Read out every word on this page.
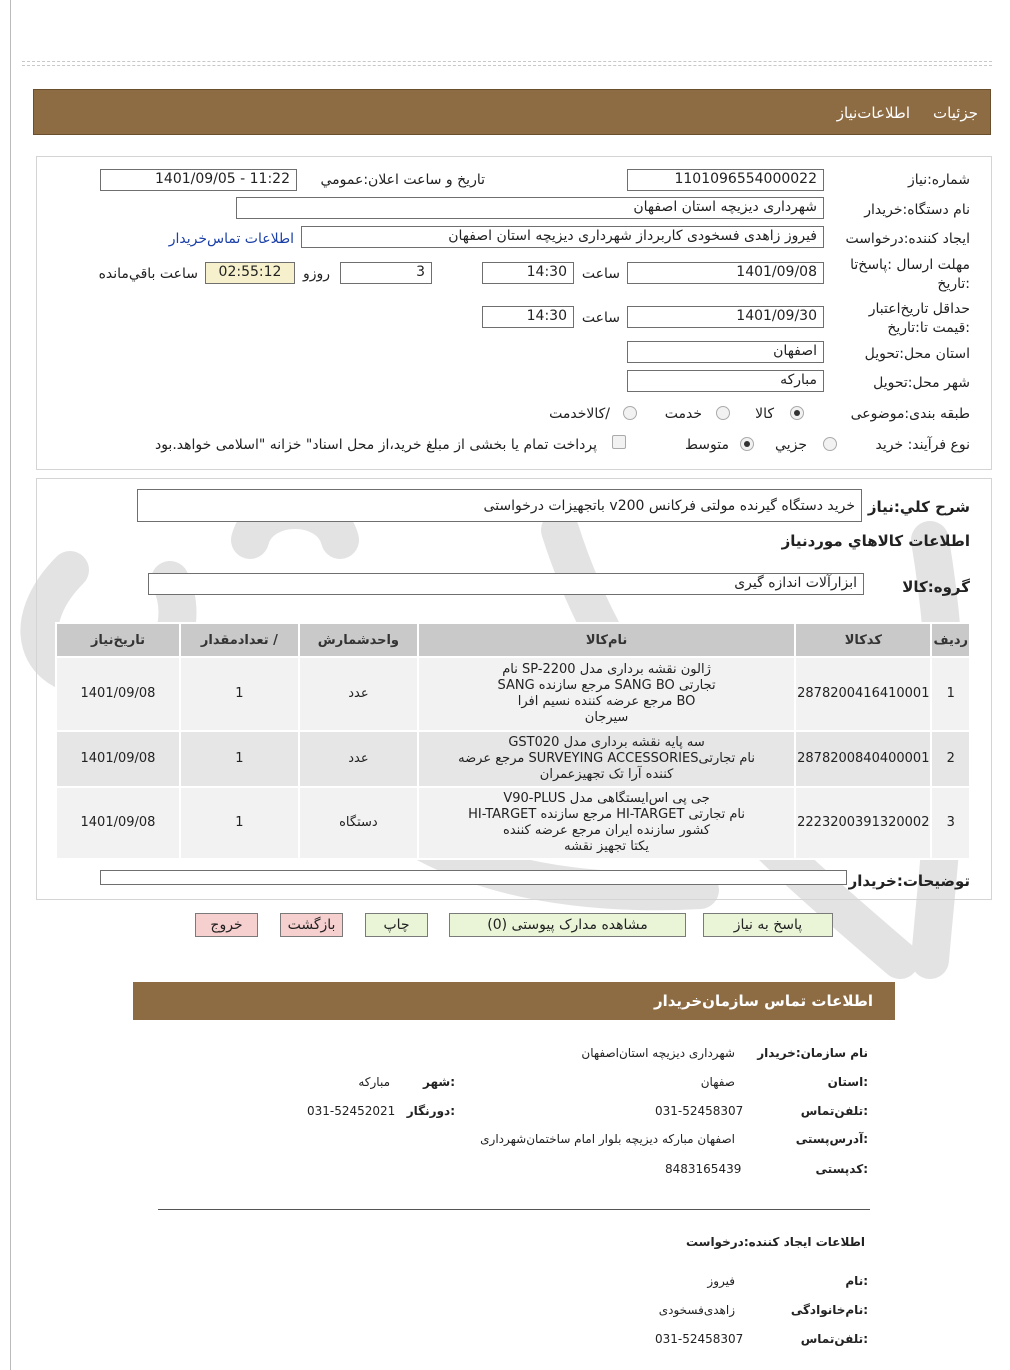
جزئیات
اطلاعات‌نیاز
شماره:نیاز
1101096554000022
تاریخ و ساعت اعلان:عمومي
1401/09/05 - 11:22
نام دستگاه:خریدار
شهرداری دیزیچه استان اصفهان
ایجاد کننده:درخواست
فیروز زاهدی فسخودی کاربرداز شهرداری دیزیچه استان اصفهان
اطلاعات تماس‌خریدار
مهلت ارسال :پاسخ‌تا
:تاریخ
1401/09/08
ساعت
14:30
3
روزو
02:55:12
ساعت باقي‌مانده
حداقل تاریخ‌اعتبار
:قیمت تا:تاریخ
1401/09/30
ساعت
14:30
استان محل:تحویل
اصفهان
شهر محل:تحویل
مبارکه
طبقه بندی:موضوعی
کالا
خدمت
/کالاخدمت
نوع فرآیند: خرید
جزيي
متوسط
پرداخت تمام یا بخشی از مبلغ خرید،از محل اسناد" خزانه "اسلامی خواهد.بود
شرح کلي:نیاز
خرید دستگاه گیرنده مولتی فرکانس v200 باتجهیزات درخواستی
اطلاعات کالاهاي مورد‌نیاز
گروه:کالا
ابزارآلات اندازه گیری
ردیف	کدکالا	نام‌کالا	واحدشمارش	/ تعدادمقدار	تاریخ‌نیاز
1	2878200416410001	ژالون نقشه برداری مدل SP-2200 نام
تجارتی SANG BO مرجع سازنده SANG
BO مرجع عرضه کننده نسیم افرا
سیرجان	عدد	1	1401/09/08
2	2878200840400001	سه پایه نقشه برداری مدل GST020
نام تجارتیSURVEYING ACCESSORIES مرجع عرضه
کننده آرا تک تجهیزعمران	عدد	1	1401/09/08
3	2223200391320002	جی پی اس‌ایستگاهی مدل V90-PLUS
نام تجارتی HI-TARGET مرجع سازنده HI-TARGET
کشور سازنده ایران مرجع عرضه کننده
یکتا تجهیز نقشه	دستگاه	1	1401/09/08
توضیحات:خریدار
پاسخ به نیاز
مشاهده مدارک پیوستی (0)
چاپ
بازگشت
خروج
اطلاعات تماس سازمان‌خریدار
نام سازمان:خریدار
شهرداری دیزیچه استان‌اصفهان
:استان
صفهان
:شهر
مبارکه
:تلفن‌تماس
031-52458307
:دورنگار
031-52452021
:آدرس‌پستی
اصفهان مبارکه دیزیچه بلوار امام ساختمان‌شهرداری
:کدپستی
8483165439
اطلاعات ایجاد کننده:درخواست
:نام
فیروز
:نام‌خانوادگی
زاهدی‌فسخودی
:تلفن‌تماس
031-52458307
